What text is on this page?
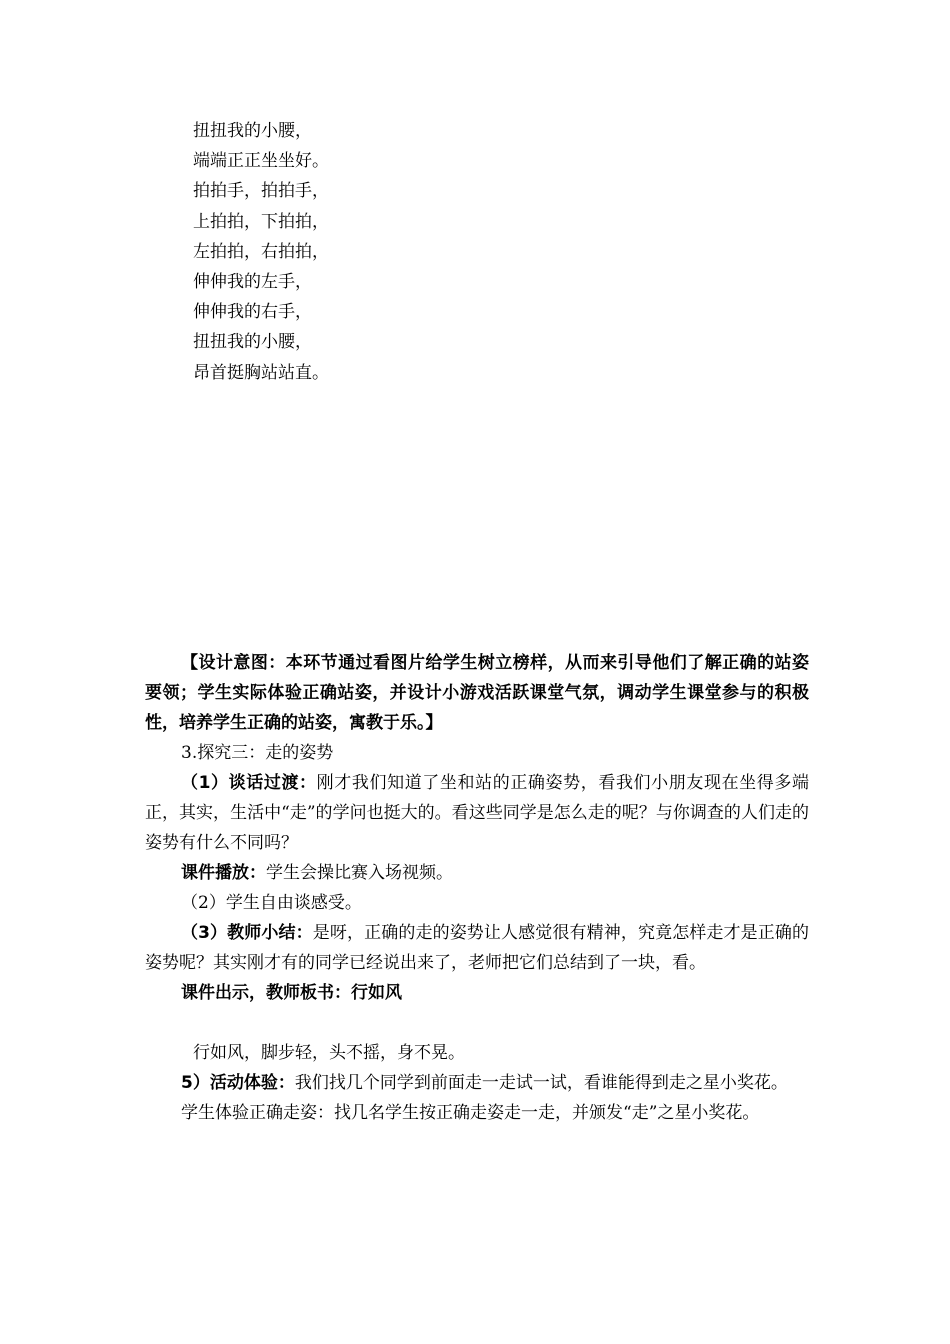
扭扭我的小腰，
端端正正坐坐好。
拍拍手，拍拍手，
上拍拍，下拍拍，
左拍拍，右拍拍，
伸伸我的左手，
伸伸我的右手，
扭扭我的小腰，
昂首挺胸站站直。

【设计意图：本环节通过看图片给学生树立榜样，从而来引导他们了解正确的站姿要领；学生实际体验正确站姿，并设计小游戏活跃课堂气氛，调动学生课堂参与的积极性，培养学生正确的站姿，寓教于乐。】

3.探究三：走的姿势

（1）谈话过渡：刚才我们知道了坐和站的正确姿势，看我们小朋友现在坐得多端正，其实，生活中“走”的学问也挺大的。看这些同学是怎么走的呢？与你调查的人们走的姿势有什么不同吗？

课件播放：学生会操比赛入场视频。

（2）学生自由谈感受。

（3）教师小结：是呀，正确的走的姿势让人感觉很有精神，究竟怎样走才是正确的姿势呢？其实刚才有的同学已经说出来了，老师把它们总结到了一块，看。

课件出示，教师板书：行如风

行如风，脚步轻，头不摇，身不晃。

5）活动体验：我们找几个同学到前面走一走试一试，看谁能得到走之星小奖花。

学生体验正确走姿：找几名学生按正确走姿走一走，并颁发“走”之星小奖花。
